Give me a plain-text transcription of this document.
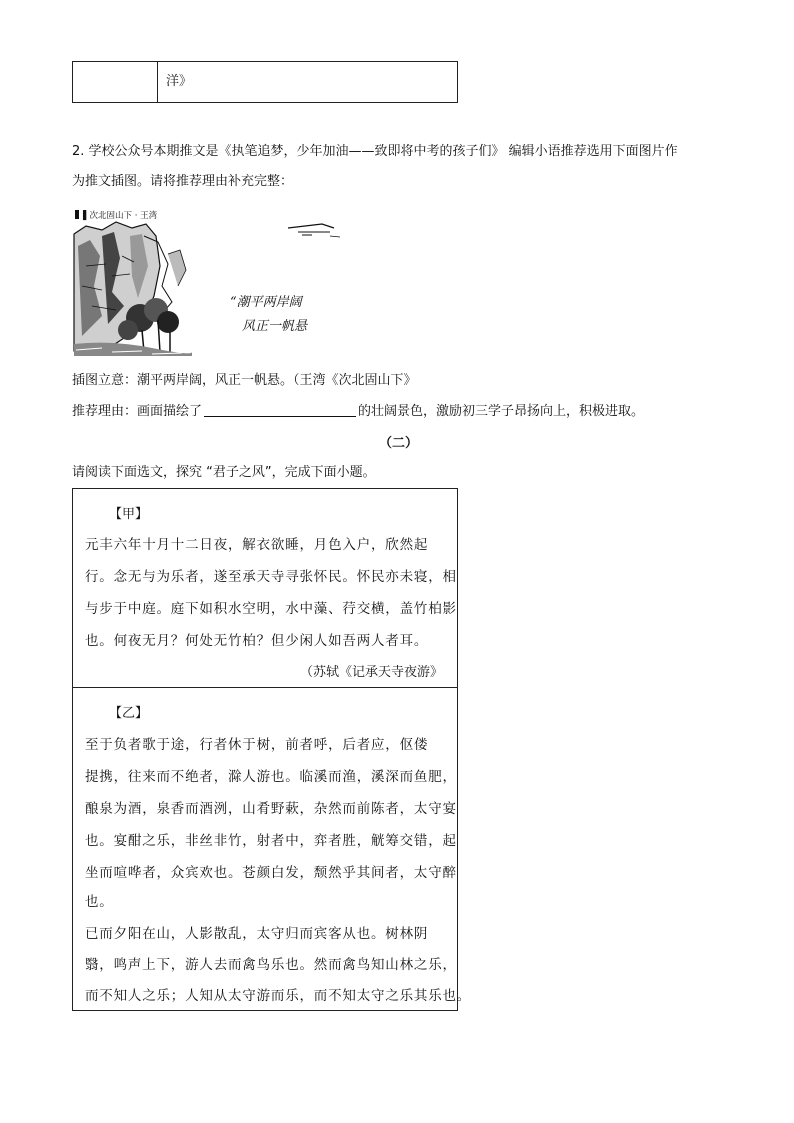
洋》
2. 学校公众号本期推文是《执笔追梦，少年加油——致即将中考的孩子们》 编辑小语推荐选用下面图片作
为推文插图。请将推荐理由补充完整：
▌次北固山下 · 王湾
“潮平两岸阔
风正一帆悬
插图立意：潮平两岸阔，风正一帆悬。（王湾《次北固山下》
推荐理由：画面描绘了	的壮阔景色，激励初三学子昂扬向上，积极进取。
（二）
请阅读下面选文，探究 “君子之风”，完成下面小题。
【甲】
元丰六年十月十二日夜，解衣欲睡，月色入户，欣然起
行。念无与为乐者，遂至承天寺寻张怀民。怀民亦未寝，相
与步于中庭。庭下如积水空明，水中藻、荇交横，盖竹柏影
也。何夜无月？何处无竹柏？但少闲人如吾两人者耳。
（苏轼《记承天寺夜游》
【乙】
至于负者歌于途，行者休于树，前者呼，后者应，伛偻
提携，往来而不绝者，滁人游也。临溪而渔，溪深而鱼肥，
酿泉为酒，泉香而酒洌，山肴野蔌，杂然而前陈者，太守宴
也。宴酣之乐，非丝非竹，射者中，弈者胜，觥筹交错，起
坐而喧哗者，众宾欢也。苍颜白发，颓然乎其间者，太守醉
也。
已而夕阳在山，人影散乱，太守归而宾客从也。树林阴
翳，鸣声上下，游人去而禽鸟乐也。然而禽鸟知山林之乐，
而不知人之乐；人知从太守游而乐，而不知太守之乐其乐也。
